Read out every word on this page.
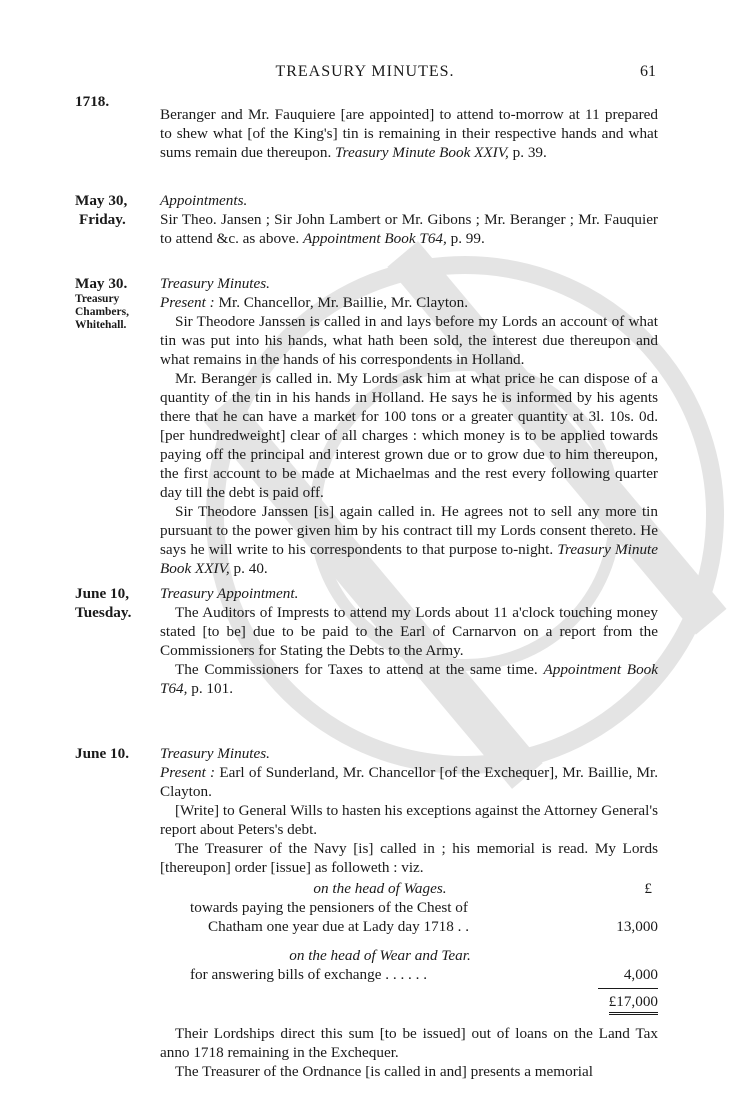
TREASURY MINUTES.	61
1718.

Beranger and Mr. Fauquiere [are appointed] to attend to-morrow at 11 prepared to shew what [of the King's] tin is remaining in their respective hands and what sums remain due thereupon. Treasury Minute Book XXIV, p. 39.

May 30,
Friday.

Appointments.

Sir Theo. Jansen ; Sir John Lambert or Mr. Gibons ; Mr. Beranger ; Mr. Fauquier to attend &c. as above. Appointment Book T64, p. 99.

May 30.
Treasury
Chambers,
Whitehall.

Treasury Minutes.

Present : Mr. Chancellor, Mr. Baillie, Mr. Clayton.

Sir Theodore Janssen is called in and lays before my Lords an account of what tin was put into his hands, what hath been sold, the interest due thereupon and what remains in the hands of his correspondents in Holland.

Mr. Beranger is called in. My Lords ask him at what price he can dispose of a quantity of the tin in his hands in Holland. He says he is informed by his agents there that he can have a market for 100 tons or a greater quantity at 3l. 10s. 0d. [per hundredweight] clear of all charges : which money is to be applied towards paying off the principal and interest grown due or to grow due to him thereupon, the first account to be made at Michaelmas and the rest every following quarter day till the debt is paid off.

Sir Theodore Janssen [is] again called in. He agrees not to sell any more tin pursuant to the power given him by his contract till my Lords consent thereto. He says he will write to his correspondents to that purpose to-night. Treasury Minute Book XXIV, p. 40.

June 10,
Tuesday.

Treasury Appointment.

The Auditors of Imprests to attend my Lords about 11 a'clock touching money stated [to be] due to be paid to the Earl of Carnarvon on a report from the Commissioners for Stating the Debts to the Army.

The Commissioners for Taxes to attend at the same time. Appointment Book T64, p. 101.

June 10.	Treasury Minutes.

Present : Earl of Sunderland, Mr. Chancellor [of the Exchequer], Mr. Baillie, Mr. Clayton.

[Write] to General Wills to hasten his exceptions against the Attorney General's report about Peters's debt.

The Treasurer of the Navy [is] called in ; his memorial is read. My Lords [thereupon] order [issue] as followeth : viz.

on the head of Wages.	£
towards paying the pensioners of the Chest of
Chatham one year due at Lady day 1718 . .	13,000
on the head of Wear and Tear.
for answering bills of exchange . . . . . .	4,000
£17,000

Their Lordships direct this sum [to be issued] out of loans on the Land Tax anno 1718 remaining in the Exchequer.

The Treasurer of the Ordnance [is called in and] presents a memorial
